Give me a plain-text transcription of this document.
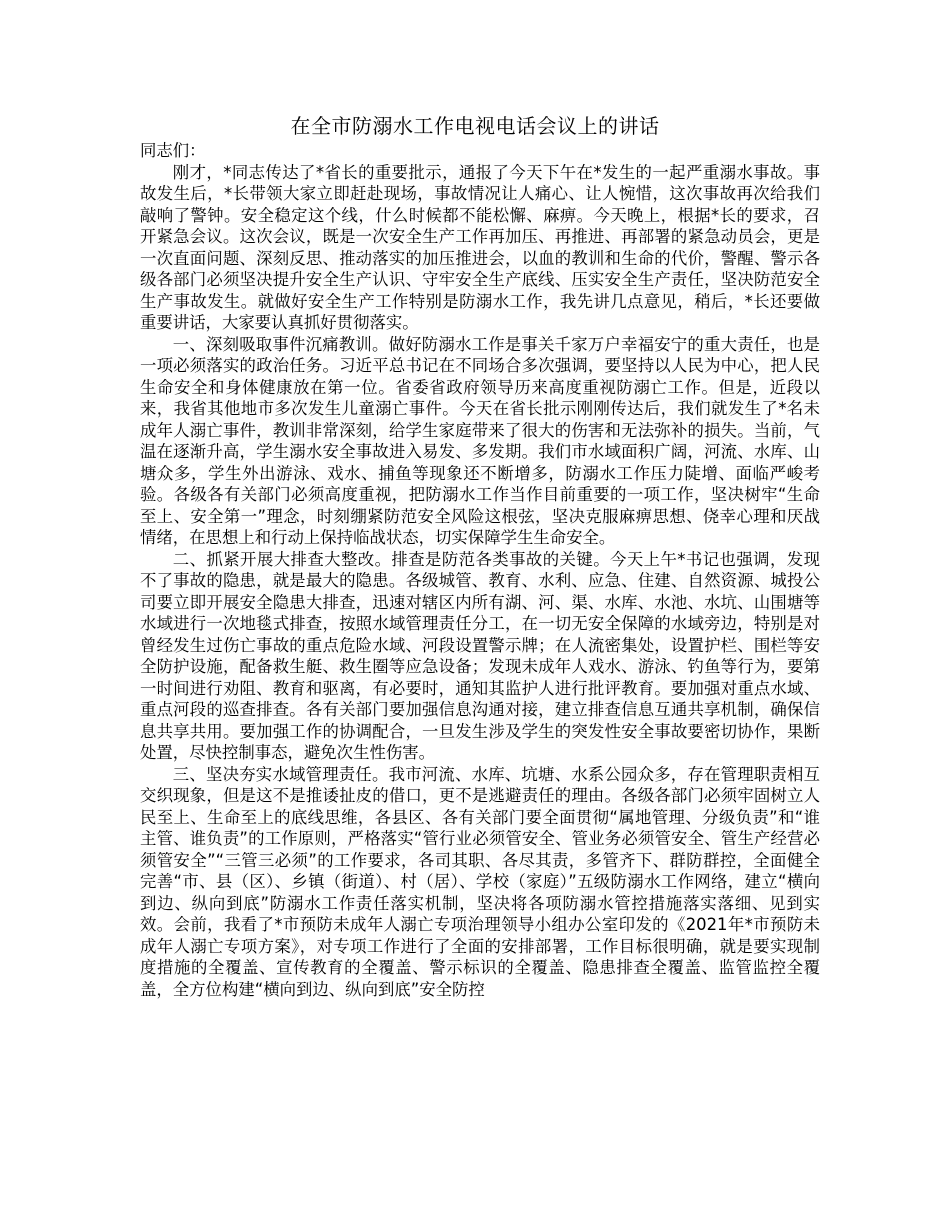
在全市防溺水工作电视电话会议上的讲话

同志们：

刚才，*同志传达了*省长的重要批示，通报了今天下午在*发生的一起严重溺水事故。事故发生后，*长带领大家立即赶赴现场，事故情况让人痛心、让人惋惜，这次事故再次给我们敲响了警钟。安全稳定这个线，什么时候都不能松懈、麻痹。今天晚上，根据*长的要求，召开紧急会议。这次会议，既是一次安全生产工作再加压、再推进、再部署的紧急动员会，更是一次直面问题、深刻反思、推动落实的加压推进会，以血的教训和生命的代价，警醒、警示各级各部门必须坚决提升安全生产认识、守牢安全生产底线、压实安全生产责任，坚决防范安全生产事故发生。就做好安全生产工作特别是防溺水工作，我先讲几点意见，稍后，*长还要做重要讲话，大家要认真抓好贯彻落实。

一、深刻吸取事件沉痛教训。做好防溺水工作是事关千家万户幸福安宁的重大责任，也是一项必须落实的政治任务。习近平总书记在不同场合多次强调，要坚持以人民为中心，把人民生命安全和身体健康放在第一位。省委省政府领导历来高度重视防溺亡工作。但是，近段以来，我省其他地市多次发生儿童溺亡事件。今天在省长批示刚刚传达后，我们就发生了*名未成年人溺亡事件，教训非常深刻，给学生家庭带来了很大的伤害和无法弥补的损失。当前，气温在逐渐升高，学生溺水安全事故进入易发、多发期。我们市水域面积广阔，河流、水库、山塘众多，学生外出游泳、戏水、捕鱼等现象还不断增多，防溺水工作压力陡增、面临严峻考验。各级各有关部门必须高度重视，把防溺水工作当作目前重要的一项工作，坚决树牢“生命至上、安全第一”理念，时刻绷紧防范安全风险这根弦，坚决克服麻痹思想、侥幸心理和厌战情绪，在思想上和行动上保持临战状态，切实保障学生生命安全。

二、抓紧开展大排查大整改。排查是防范各类事故的关键。今天上午*书记也强调，发现不了事故的隐患，就是最大的隐患。各级城管、教育、水利、应急、住建、自然资源、城投公司要立即开展安全隐患大排查，迅速对辖区内所有湖、河、渠、水库、水池、水坑、山围塘等水域进行一次地毯式排查，按照水域管理责任分工，在一切无安全保障的水域旁边，特别是对曾经发生过伤亡事故的重点危险水域、河段设置警示牌；在人流密集处，设置护栏、围栏等安全防护设施，配备救生艇、救生圈等应急设备；发现未成年人戏水、游泳、钓鱼等行为，要第一时间进行劝阻、教育和驱离，有必要时，通知其监护人进行批评教育。要加强对重点水域、重点河段的巡查排查。各有关部门要加强信息沟通对接，建立排查信息互通共享机制，确保信息共享共用。要加强工作的协调配合，一旦发生涉及学生的突发性安全事故要密切协作，果断处置，尽快控制事态，避免次生性伤害。

三、坚决夯实水域管理责任。我市河流、水库、坑塘、水系公园众多，存在管理职责相互交织现象，但是这不是推诿扯皮的借口，更不是逃避责任的理由。各级各部门必须牢固树立人民至上、生命至上的底线思维，各县区、各有关部门要全面贯彻“属地管理、分级负责”和“谁主管、谁负责”的工作原则，严格落实“管行业必须管安全、管业务必须管安全、管生产经营必须管安全”“三管三必须”的工作要求，各司其职、各尽其责，多管齐下、群防群控，全面健全完善“市、县（区）、乡镇（街道）、村（居）、学校（家庭）”五级防溺水工作网络，建立“横向到边、纵向到底”防溺水工作责任落实机制，坚决将各项防溺水管控措施落实落细、见到实效。会前，我看了*市预防未成年人溺亡专项治理领导小组办公室印发的《2021年*市预防未成年人溺亡专项方案》，对专项工作进行了全面的安排部署，工作目标很明确，就是要实现制度措施的全覆盖、宣传教育的全覆盖、警示标识的全覆盖、隐患排查全覆盖、监管监控全覆盖，全方位构建“横向到边、纵向到底”安全防控
